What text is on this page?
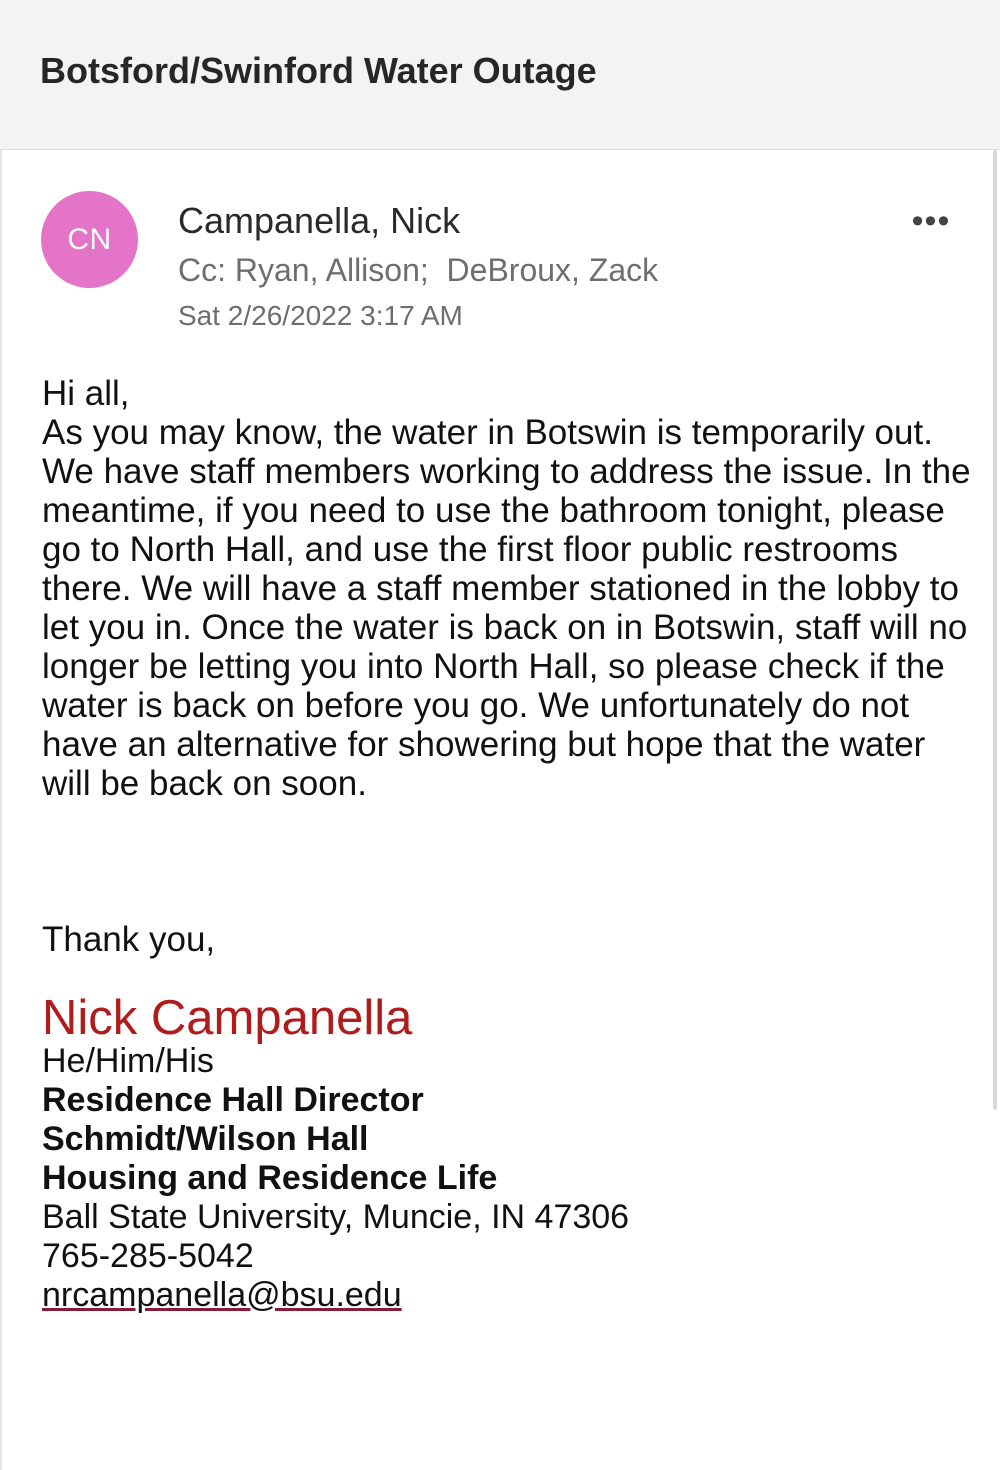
Botsford/Swinford Water Outage
CN Campanella, Nick
Cc: Ryan, Allison;  DeBroux, Zack
Sat 2/26/2022 3:17 AM
•••

Hi all,

As you may know, the water in Botswin is temporarily out. We have staff members working to address the issue. In the meantime, if you need to use the bathroom tonight, please go to North Hall, and use the first floor public restrooms there. We will have a staff member stationed in the lobby to let you in. Once the water is back on in Botswin, staff will no longer be letting you into North Hall, so please check if the water is back on before you go. We unfortunately do not have an alternative for showering but hope that the water will be back on soon.

Thank you,
Nick Campanella
He/Him/His
Residence Hall Director
Schmidt/Wilson Hall
Housing and Residence Life
Ball State University, Muncie, IN 47306
765-285-5042
nrcampanella@bsu.edu
